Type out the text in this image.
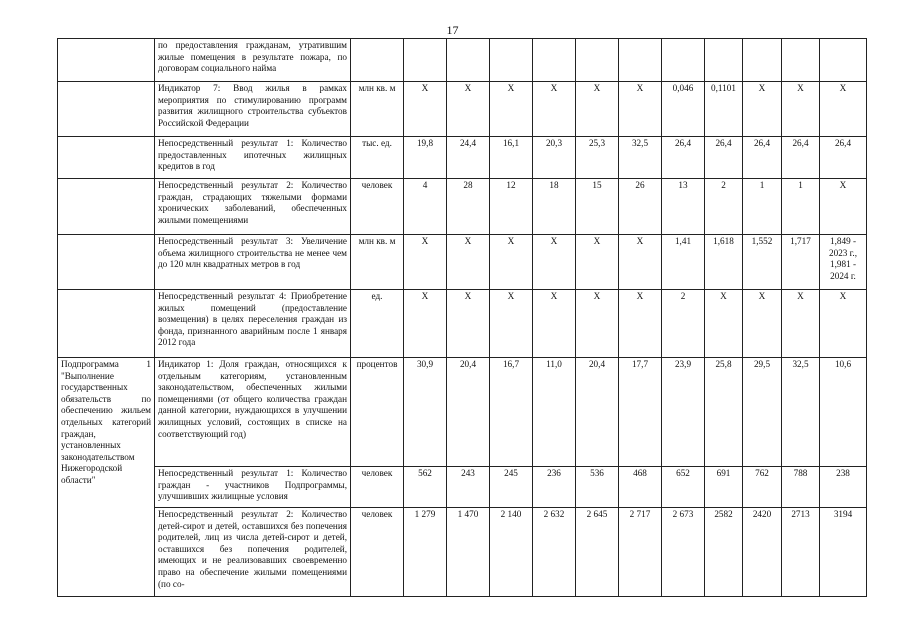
17
	по предоставления гражданам, утратившим жилые помещения в результате пожара, по договорам социального найма												
	Индикатор 7: Ввод жилья в рамках мероприятия по стимулированию программ развития жилищного строительства субъектов Российской Федерации	млн кв. м	X	X	X	X	X	X	0,046	0,1101	X	X	X
	Непосредственный результат 1: Количество предоставленных ипотечных жилищных кредитов в год	тыс. ед.	19,8	24,4	16,1	20,3	25,3	32,5	26,4	26,4	26,4	26,4	26,4
	Непосредственный результат 2: Количество граждан, страдающих тяжелыми формами хронических заболеваний, обеспеченных жилыми помещениями	человек	4	28	12	18	15	26	13	2	1	1	X
	Непосредственный результат 3: Увеличение объема жилищного строительства не менее чем до 120 млн квадратных метров в год	млн кв. м	X	X	X	X	X	X	1,41	1,618	1,552	1,717	1,849 - 2023 г., 1,981 - 2024 г.
	Непосредственный результат 4: Приобретение жилых помещений (предоставление возмещения) в целях переселения граждан из фонда, признанного аварийным после 1 января 2012 года	ед.	X	X	X	X	X	X	2	X	X	X	X
Подпрограмма 1 "Выполнение государственных обязательств по обеспечению жильем отдельных категорий граждан, установленных законодательством Нижегородской области"	Индикатор 1: Доля граждан, относящихся к отдельным категориям, установленным законодательством, обеспеченных жилыми помещениями (от общего количества граждан данной категории, нуждающихся в улучшении жилищных условий, состоящих в списке на соответствующий год)	процентов	30,9	20,4	16,7	11,0	20,4	17,7	23,9	25,8	29,5	32,5	10,6
	Непосредственный результат 1: Количество граждан - участников Подпрограммы, улучшивших жилищные условия	человек	562	243	245	236	536	468	652	691	762	788	238
	Непосредственный результат 2: Количество детей-сирот и детей, оставшихся без попечения родителей, лиц из числа детей-сирот и детей, оставшихся без попечения родителей, имеющих и не реализовавших своевременно право на обеспечение жилыми помещениями (по со-	человек	1 279	1 470	2 140	2 632	2 645	2 717	2 673	2582	2420	2713	3194
